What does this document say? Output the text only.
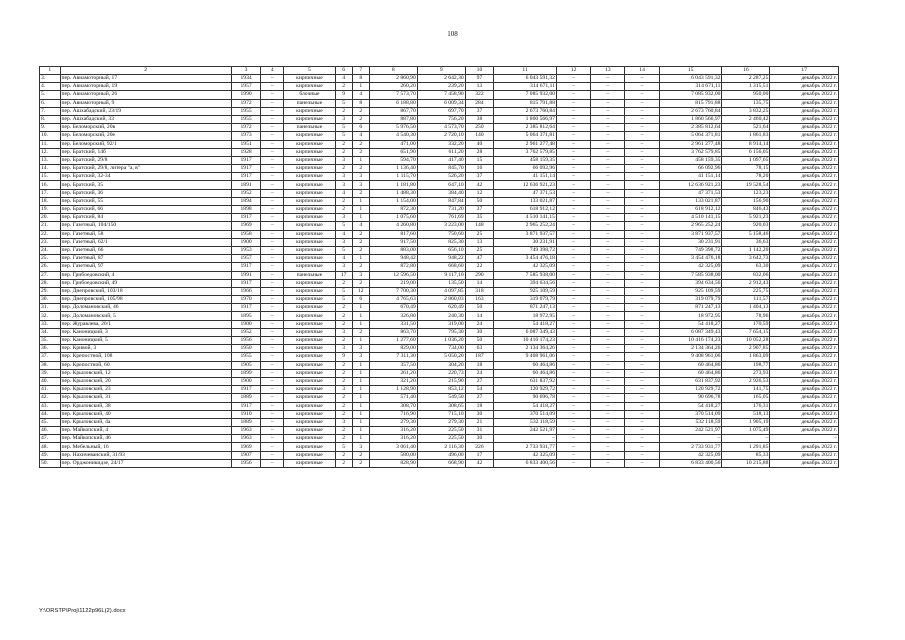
108
1	2	3	4	5	6	7	8	9	10	11	12	13	14	15	16	17
3.	пер. Авиамоторный, 17	1934	–	кирпичные	4	8	2 860,90	2 642,30	97	6 043 591,32	–	–	–	6 043 591,32	2 287,25	декабрь 2022 г.
4.	пер. Авиамоторный, 19	1957	–	кирпичные	2	1	260,20	239,20	13	314 671,11	–	–	–	314 671,11	1 315,51	декабрь 2022 г.
5.	пер. Авиамоторный, 26	1990	–	блочные	9	4	7 573,70	7 458,90	322	7 085 932,00	–	–	–	7 085 932,00	950,00	декабрь 2022 г.
6.	пер. Авиамоторный, 9	1972	–	панельные	5	8	6 188,80	6 009,34	284	815 791,88	–	–	–	815 791,88	135,75	декабрь 2022 г.
7.	пер. Ашхабадский, 23/19	1955	–	кирпичные	2	2	867,70	697,70	37	2 673 760,84	–	–	–	2 673 760,84	3 832,25	декабрь 2022 г.
8.	пер. Ашхабадский, 33	1955	–	кирпичные	3	2	887,80	756,20	38	1 860 566,97	–	–	–	1 860 566,97	2 460,42	декабрь 2022 г.
9.	пер. Беломорский, 20в	1972	–	панельные	5	6	5 976,50	4 573,70	250	2 385 812,64	–	–	–	2 385 812,64	521,64	декабрь 2022 г.
10.	пер. Беломорский, 20е	1973	–	кирпичные	5	4	4 540,30	2 720,10	140	5 064 371,81	–	–	–	5 064 371,81	1 861,83	декабрь 2022 г.
11.	пер. Беломорский, 92/1	1951	–	кирпичные	2	2	471,00	332,20	40	2 961 277,48	–	–	–	2 961 277,48	8 914,14	декабрь 2022 г.
12.	пер. Братский, 14б	1928	–	кирпичные	2	2	651,90	611,20	28	3 762 579,85	–	–	–	3 762 579,85	6 156,05	декабрь 2022 г.
13.	пер. Братский, 29/8	1917	–	кирпичные	3	1	594,70	417,40	15	458 159,35	–	–	–	458 159,35	1 097,65	декабрь 2022 г.
14.	пер. Братский, 29/8, литера "а, в"	1917	–	кирпичные	2	2	1 136,40	845,70	16	66 092,96	–	–	–	66 092,96	78,15	декабрь 2022 г.
15.	пер. Братский, 32-34	1917	–	кирпичные	3	3	1 115,70	526,20	37	41 151,14	–	–	–	41 151,14	78,20	декабрь 2022 г.
16.	пер. Братский, 35	1891	–	кирпичные	3	3	1 181,80	647,10	42	12 636 921,23	–	–	–	12 636 921,23	19 528,54	декабрь 2022 г.
17.	пер. Братский, 36	1952	–	кирпичные	4	2	1 488,30	384,40	12	47 371,53	–	–	–	47 371,53	123,23	декабрь 2022 г.
18.	пер. Братский, 55	1894	–	кирпичные	2	1	1 154,00	847,84	50	133 021,87	–	–	–	133 021,87	156,90	декабрь 2022 г.
19.	пер. Братский, 66	1898	–	кирпичные	2	1	872,30	731,20	37	618 912,12	–	–	–	618 912,12	846,43	декабрь 2022 г.
20.	пер. Братский, 84	1917	–	кирпичные	3	1	1 075,60	761,69	35	4 510 141,15	–	–	–	4 510 141,15	5 921,23	декабрь 2022 г.
21.	пер. Газетный, 104/150	1969	–	кирпичные	5	4	4 260,80	3 223,00	148	2 965 252,24	–	–	–	2 965 252,24	920,03	декабрь 2022 г.
22.	пер. Газетный, 58	1958	–	кирпичные	4	2	817,60	750,60	25	3 871 937,57	–	–	–	3 871 937,57	5 158,46	декабрь 2022 г.
23.	пер. Газетный, 62/1	1900	–	кирпичные	3	2	917,50	825,30	13	30 231,91	–	–	–	30 231,91	36,63	декабрь 2022 г.
24.	пер. Газетный, 66	1953	–	кирпичные	5	2	883,00	656,10	25	749 398,72	–	–	–	749 398,72	1 142,20	декабрь 2022 г.
25.	пер. Газетный, 87	1957	–	кирпичные	4	1	948,42	948,22	47	3 454 476,18	–	–	–	3 454 476,18	3 642,73	декабрь 2022 г.
26.	пер. Газетный, 97	1917	–	кирпичные	3	2	872,80	668,60	22	42 325,09	–	–	–	42 325,09	63,30	декабрь 2022 г.
27.	пер. Грибоедовский, 4	1991	–	панельные	17	3	12 596,50	9 117,10	290	7 585 938,00	–	–	–	7 585 938,00	832,06	декабрь 2022 г.
28.	пер. Грибоедовский, 49	1917	–	кирпичные	2	2	219,00	135,50	14	394 634,56	–	–	–	394 634,56	2 912,43	декабрь 2022 г.
29.	пер. Днепровский, 103/18	1966	–	кирпичные	5	12	7 700,30	4 097,85	318	925 109,59	–	–	–	925 109,59	225,75	декабрь 2022 г.
30.	пер. Днепровский, 105/98	1970	–	кирпичные	5	6	4 765,63	2 860,03	163	319 079,79	–	–	–	319 079,79	111,57	декабрь 2022 г.
31.	пер. Доломановский, 46	1917	–	кирпичные	2	1	670,49	620,49	50	871 247,13	–	–	–	871 247,13	1 404,13	декабрь 2022 г.
32.	пер. Доломановский, 5	1895	–	кирпичные	2	1	326,80	240,30	14	18 972,95	–	–	–	18 972,95	78,96	декабрь 2022 г.
33.	пер. Журавлева, 20/1	1900	–	кирпичные	2	1	331,50	319,00	24	54 418,27	–	–	–	54 418,27	170,59	декабрь 2022 г.
34.	пер. Каноницкий, 3	1952	–	кирпичные	3	2	863,70	795,30	30	6 087 349,43	–	–	–	6 087 349,43	7 654,15	декабрь 2022 г.
35.	пер. Каноницкий, 5	1956	–	кирпичные	2	1	1 277,60	1 036,20	50	10 416 174,23	–	–	–	10 416 174,23	10 052,28	декабрь 2022 г.
36.	пер. Кривой, 3	1950	–	кирпичные	3	3	829,00	734,00	63	2 134 364,26	–	–	–	2 134 364,26	2 907,85	декабрь 2022 г.
37.	пер. Крепостной, 108	1955	–	кирпичные	9	3	7 311,30	5 050,20	187	9 408 961,06	–	–	–	9 408 961,06	1 863,09	декабрь 2022 г.
38.	пер. Крепостной, 60	1905	–	кирпичные	2	1	357,50	304,20	18	60 464,86	–	–	–	60 464,86	198,77	декабрь 2022 г.
39.	пер. Крыловский, 12	1899	–	кирпичные	2	1	261,20	220,73	24	60 464,86	–	–	–	60 464,86	273,93	декабрь 2022 г.
40.	пер. Крыловский, 20	1900	–	кирпичные	2	1	321,20	215,90	27	631 837,92	–	–	–	631 837,92	2 926,53	декабрь 2022 г.
41.	пер. Крыловский, 23	1917	–	кирпичные	3	1	1 128,90	853,12	54	120 929,72	–	–	–	120 929,72	141,75	декабрь 2022 г.
42.	пер. Крыловский, 31	1889	–	кирпичные	2	1	571,40	549,50	27	90 696,78	–	–	–	90 696,78	165,05	декабрь 2022 г.
43.	пер. Крыловский, 38	1917	–	кирпичные	2	1	308,70	308,65	18	54 418,27	–	–	–	54 418,27	176,31	декабрь 2022 г.
44.	пер. Крыловский, 40	1910	–	кирпичные	2	1	716,90	715,10	30	370 514,09	–	–	–	370 514,09	518,13	декабрь 2022 г.
45.	пер. Крыловский, 4а	1889	–	кирпичные	3	1	279,30	279,30	21	532 118,59	–	–	–	532 118,59	1 905,19	декабрь 2022 г.
46.	пер. Майкопский, 4	1963	–	кирпичные	2	1	316,20	225,50	31	242 521,97	–	–	–	242 521,97	1 075,49	декабрь 2022 г.
47.	пер. Майкопский, 46	1963	–	кирпичные	2	1	316,20	225,50	30	–	–	–	–	–	–	–
48.	пер. Мебельный, 16	1969	–	кирпичные	5	3	3 061,40	2 116,30	226	2 733 931,77	–	–	–	2 733 931,77	1 291,85	декабрь 2022 г.
49.	пер. Нахичеванский, 31/93	1907	–	кирпичные	2	2	580,00	496,00	17	42 325,09	–	–	–	42 325,09	85,33	декабрь 2022 г.
50.	пер. Орджоникидзе, 24/17	1956	–	кирпичные	2	2	828,90	668,90	42	6 833 400,56	–	–	–	6 833 400,56	10 215,88	декабрь 2022 г.
Y:\ORSTP\Proj\1122p96L(2).docx
